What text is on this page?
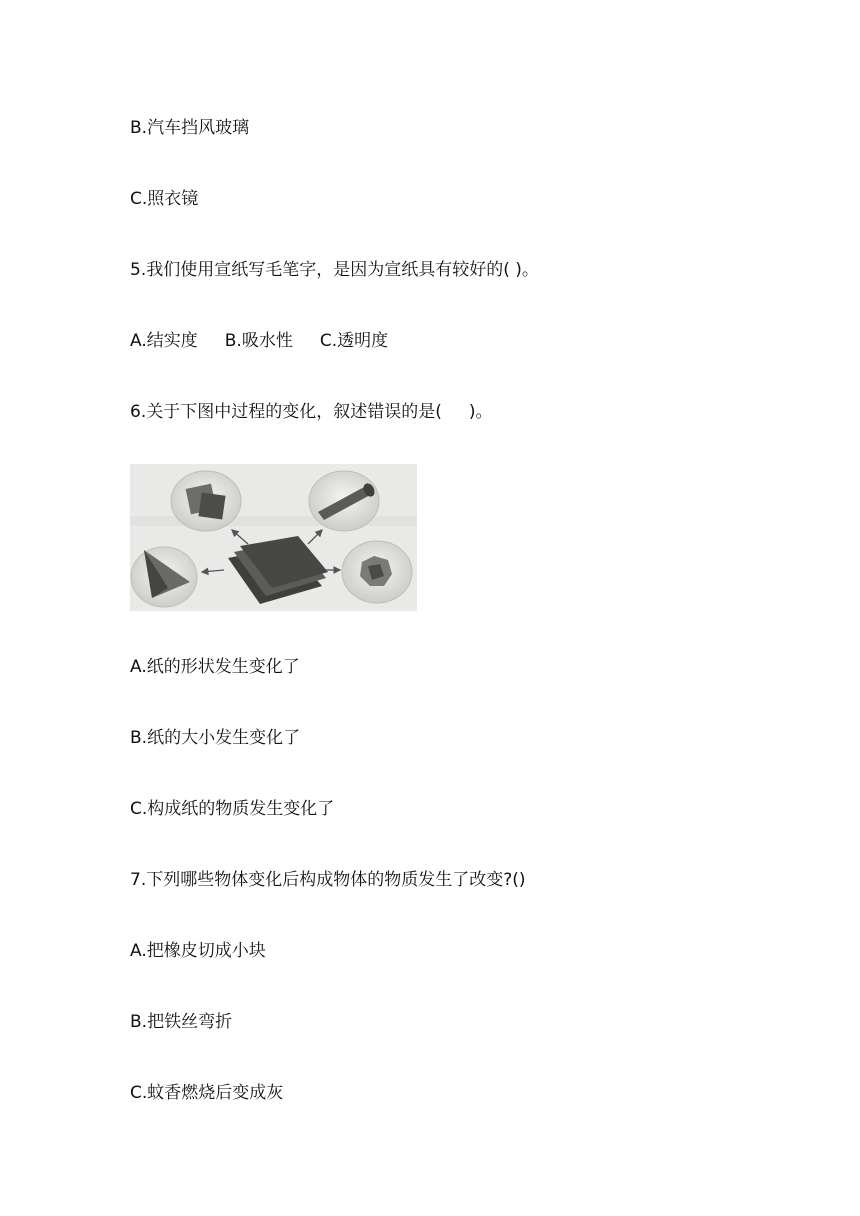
B.汽车挡风玻璃
C.照衣镜
5.我们使用宣纸写毛笔字，是因为宣纸具有较好的( )。
A.结实度     B.吸水性     C.透明度
6.关于下图中过程的变化，叙述错误的是(     )。
A.纸的形状发生变化了
B.纸的大小发生变化了
C.构成纸的物质发生变化了
7.下列哪些物体变化后构成物体的物质发生了改变?()
A.把橡皮切成小块
B.把铁丝弯折
C.蚊香燃烧后变成灰
